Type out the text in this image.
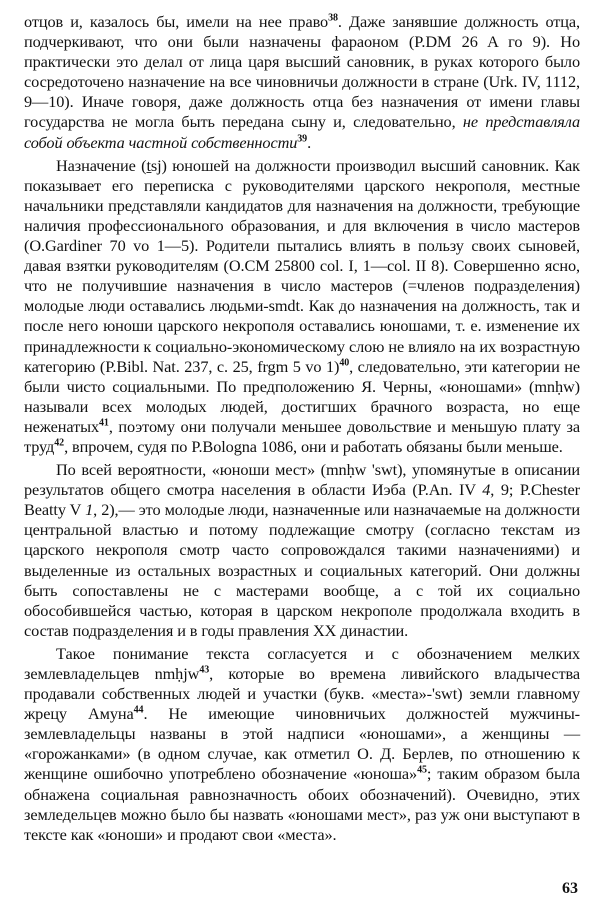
отцов и, казалось бы, имели на нее право$^{38}$. Даже занявшие должность отца, подчеркивают, что они были назначены фараоном (P.DM 26 A го 9). Но практически это делал от лица царя высший сановник, в руках которого было сосредоточено назначение на все чиновничьи должности в стране (Urk. IV, 1112, 9—10). Иначе говоря, даже должность отца без назначения от имени главы государства не могла быть передана сыну и, следовательно, не представляла собой объекта частной собственности$^{39}$.

Назначение (ṯsj) юношей на должности производил высший сановник. Как показывает его переписка с руководителями царского некрополя, местные начальники представляли кандидатов для назначения на должности, требующие наличия профессионального образования, и для включения в число мастеров (O.Gardiner 70 vo 1—5). Родители пытались влиять в пользу своих сыновей, давая взятки руководителям (O.CM 25800 col. I, 1—col. II 8). Совершенно ясно, что не получившие назначения в число мастеров (=членов подразделения) молодые люди оставались людьми-smdt. Как до назначения на должность, так и после него юноши царского некрополя оставались юношами, т. е. изменение их принадлежности к социально-экономическому слою не влияло на их возрастную категорию (P.Bibl. Nat. 237, c. 25, frgm 5 vo 1)$^{40}$, следовательно, эти категории не были чисто социальными. По предположению Я. Черны, «юношами» (mnḥw) называли всех молодых людей, достигших брачного возраста, но еще неженатых$^{41}$, поэтому они получали меньшее довольствие и меньшую плату за труд$^{42}$, впрочем, судя по P.Bologna 1086, они и работать обязаны были меньше.

По всей вероятности, «юноши мест» (mnḥw 'swt), упомянутые в описании результатов общего смотра населения в области Иэба (P.An. IV 4, 9; P.Chester Beatty V 1, 2),— это молодые люди, назначенные или назначаемые на должности центральной властью и потому подлежащие смотру (согласно текстам из царского некрополя смотр часто сопровождался такими назначениями) и выделенные из остальных возрастных и социальных категорий. Они должны быть сопоставлены не с мастерами вообще, а с той их социально обособившейся частью, которая в царском некрополе продолжала входить в состав подразделения и в годы правления XX династии.

Такое понимание текста согласуется и с обозначением мелких землевладельцев nmḥjw$^{43}$, которые во времена ливийского владычества продавали собственных людей и участки (букв. «места»-'swt) земли главному жрецу Амуна$^{44}$. Не имеющие чиновничьих должностей мужчины-землевладельцы названы в этой надписи «юношами», а женщины — «горожанками» (в одном случае, как отметил О. Д. Берлев, по отношению к женщине ошибочно употреблено обозначение «юноша»$^{45}$; таким образом была обнажена социальная равнозначность обоих обозначений). Очевидно, этих земледельцев можно было бы назвать «юношами мест», раз уж они выступают в тексте как «юноши» и продают свои «места».

63
